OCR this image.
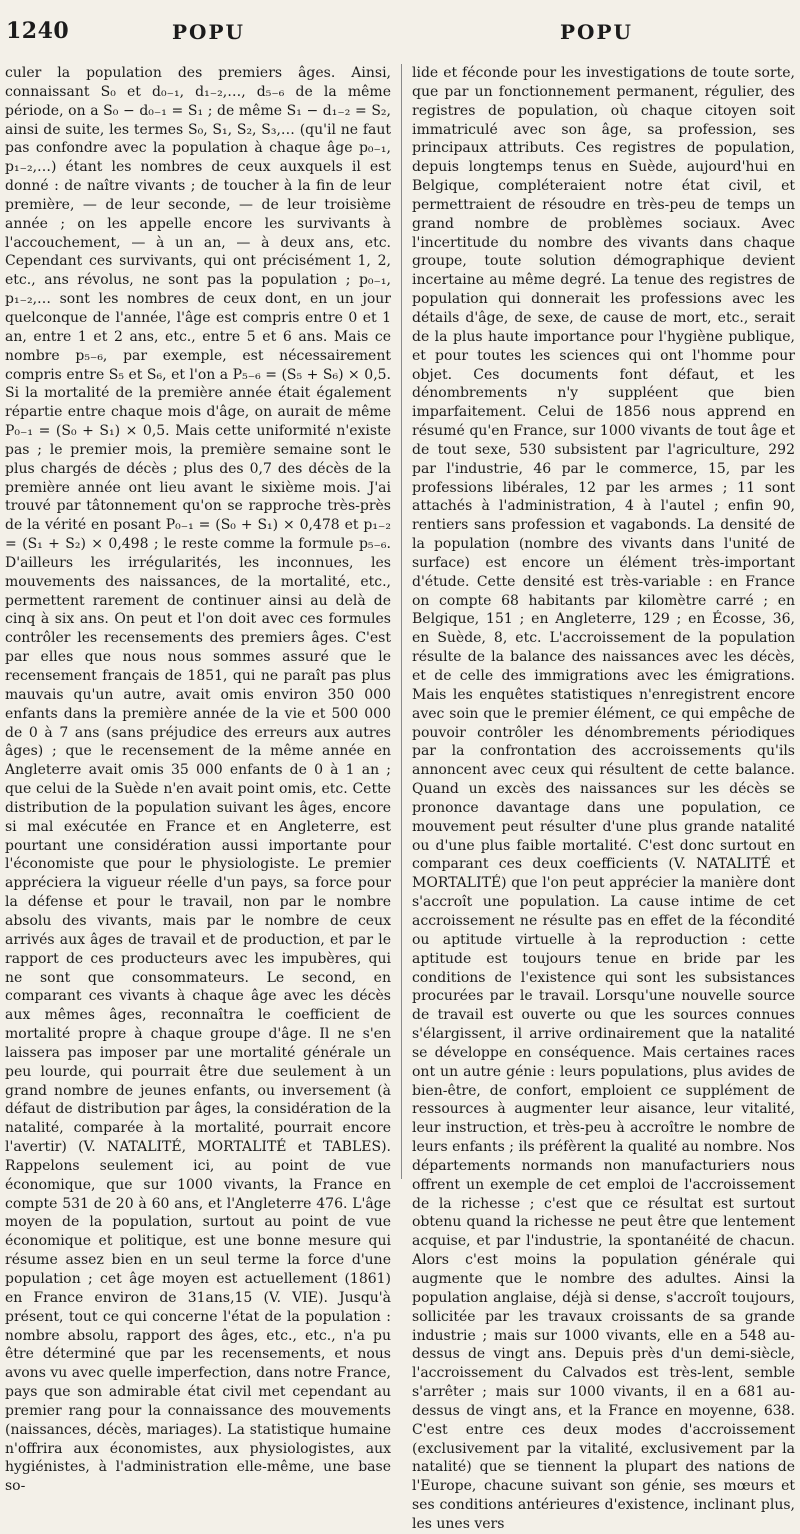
1240	POPU	POPU

culer la population des premiers âges. Ainsi, connaissant S₀ et d₀₋₁, d₁₋₂,…, d₅₋₆ de la même période, on a S₀ − d₀₋₁ = S₁ ; de même S₁ − d₁₋₂ = S₂, ainsi de suite, les termes S₀, S₁, S₂, S₃,… (qu'il ne faut pas confondre avec la population à chaque âge p₀₋₁, p₁₋₂,…) étant les nombres de ceux auxquels il est donné : de naître vivants ; de toucher à la fin de leur première, — de leur seconde, — de leur troisième année ; on les appelle encore les survivants à l'accouchement, — à un an, — à deux ans, etc. Cependant ces survivants, qui ont précisément 1, 2, etc., ans révolus, ne sont pas la population ; p₀₋₁, p₁₋₂,… sont les nombres de ceux dont, en un jour quelconque de l'année, l'âge est compris entre 0 et 1 an, entre 1 et 2 ans, etc., entre 5 et 6 ans. Mais ce nombre p₅₋₆, par exemple, est nécessairement compris entre S₅ et S₆, et l'on a P₅₋₆ = (S₅ + S₆) × 0,5. Si la mortalité de la première année était également répartie entre chaque mois d'âge, on aurait de même P₀₋₁ = (S₀ + S₁) × 0,5. Mais cette uniformité n'existe pas ; le premier mois, la première semaine sont le plus chargés de décès ; plus des 0,7 des décès de la première année ont lieu avant le sixième mois. J'ai trouvé par tâtonnement qu'on se rapproche très-près de la vérité en posant P₀₋₁ = (S₀ + S₁) × 0,478 et p₁₋₂ = (S₁ + S₂) × 0,498 ; le reste comme la formule p₅₋₆. D'ailleurs les irrégularités, les inconnues, les mouvements des naissances, de la mortalité, etc., permettent rarement de continuer ainsi au delà de cinq à six ans. On peut et l'on doit avec ces formules contrôler les recensements des premiers âges. C'est par elles que nous nous sommes assuré que le recensement français de 1851, qui ne paraît pas plus mauvais qu'un autre, avait omis environ 350 000 enfants dans la première année de la vie et 500 000 de 0 à 7 ans (sans préjudice des erreurs aux autres âges) ; que le recensement de la même année en Angleterre avait omis 35 000 enfants de 0 à 1 an ; que celui de la Suède n'en avait point omis, etc. Cette distribution de la population suivant les âges, encore si mal exécutée en France et en Angleterre, est pourtant une considération aussi importante pour l'économiste que pour le physiologiste. Le premier appréciera la vigueur réelle d'un pays, sa force pour la défense et pour le travail, non par le nombre absolu des vivants, mais par le nombre de ceux arrivés aux âges de travail et de production, et par le rapport de ces producteurs avec les impubères, qui ne sont que consommateurs. Le second, en comparant ces vivants à chaque âge avec les décès aux mêmes âges, reconnaîtra le coefficient de mortalité propre à chaque groupe d'âge. Il ne s'en laissera pas imposer par une mortalité générale un peu lourde, qui pourrait être due seulement à un grand nombre de jeunes enfants, ou inversement (à défaut de distribution par âges, la considération de la natalité, comparée à la mortalité, pourrait encore l'avertir) (V. NATALITÉ, MORTALITÉ et TABLES). Rappelons seulement ici, au point de vue économique, que sur 1000 vivants, la France en compte 531 de 20 à 60 ans, et l'Angleterre 476. L'âge moyen de la population, surtout au point de vue économique et politique, est une bonne mesure qui résume assez bien en un seul terme la force d'une population ; cet âge moyen est actuellement (1861) en France environ de 31ans,15 (V. VIE). Jusqu'à présent, tout ce qui concerne l'état de la population : nombre absolu, rapport des âges, etc., etc., n'a pu être déterminé que par les recensements, et nous avons vu avec quelle imperfection, dans notre France, pays que son admirable état civil met cependant au premier rang pour la connaissance des mouvements (naissances, décès, mariages). La statistique humaine n'offrira aux économistes, aux physiologistes, aux hygiénistes, à l'administration elle-même, une base so-

lide et féconde pour les investigations de toute sorte, que par un fonctionnement permanent, régulier, des registres de population, où chaque citoyen soit immatriculé avec son âge, sa profession, ses principaux attributs. Ces registres de population, depuis longtemps tenus en Suède, aujourd'hui en Belgique, compléteraient notre état civil, et permettraient de résoudre en très-peu de temps un grand nombre de problèmes sociaux. Avec l'incertitude du nombre des vivants dans chaque groupe, toute solution démographique devient incertaine au même degré. La tenue des registres de population qui donnerait les professions avec les détails d'âge, de sexe, de cause de mort, etc., serait de la plus haute importance pour l'hygiène publique, et pour toutes les sciences qui ont l'homme pour objet. Ces documents font défaut, et les dénombrements n'y suppléent que bien imparfaitement. Celui de 1856 nous apprend en résumé qu'en France, sur 1000 vivants de tout âge et de tout sexe, 530 subsistent par l'agriculture, 292 par l'industrie, 46 par le commerce, 15, par les professions libérales, 12 par les armes ; 11 sont attachés à l'administration, 4 à l'autel ; enfin 90, rentiers sans profession et vagabonds. La densité de la population (nombre des vivants dans l'unité de surface) est encore un élément très-important d'étude. Cette densité est très-variable : en France on compte 68 habitants par kilomètre carré ; en Belgique, 151 ; en Angleterre, 129 ; en Écosse, 36, en Suède, 8, etc. L'accroissement de la population résulte de la balance des naissances avec les décès, et de celle des immigrations avec les émigrations. Mais les enquêtes statistiques n'enregistrent encore avec soin que le premier élément, ce qui empêche de pouvoir contrôler les dénombrements périodiques par la confrontation des accroissements qu'ils annoncent avec ceux qui résultent de cette balance. Quand un excès des naissances sur les décès se prononce davantage dans une population, ce mouvement peut résulter d'une plus grande natalité ou d'une plus faible mortalité. C'est donc surtout en comparant ces deux coefficients (V. NATALITÉ et MORTALITÉ) que l'on peut apprécier la manière dont s'accroît une population. La cause intime de cet accroissement ne résulte pas en effet de la fécondité ou aptitude virtuelle à la reproduction : cette aptitude est toujours tenue en bride par les conditions de l'existence qui sont les subsistances procurées par le travail. Lorsqu'une nouvelle source de travail est ouverte ou que les sources connues s'élargissent, il arrive ordinairement que la natalité se développe en conséquence. Mais certaines races ont un autre génie : leurs populations, plus avides de bien-être, de confort, emploient ce supplément de ressources à augmenter leur aisance, leur vitalité, leur instruction, et très-peu à accroître le nombre de leurs enfants ; ils préfèrent la qualité au nombre. Nos départements normands non manufacturiers nous offrent un exemple de cet emploi de l'accroissement de la richesse ; c'est que ce résultat est surtout obtenu quand la richesse ne peut être que lentement acquise, et par l'industrie, la spontanéité de chacun. Alors c'est moins la population générale qui augmente que le nombre des adultes. Ainsi la population anglaise, déjà si dense, s'accroît toujours, sollicitée par les travaux croissants de sa grande industrie ; mais sur 1000 vivants, elle en a 548 au-dessus de vingt ans. Depuis près d'un demi-siècle, l'accroissement du Calvados est très-lent, semble s'arrêter ; mais sur 1000 vivants, il en a 681 au-dessus de vingt ans, et la France en moyenne, 638. C'est entre ces deux modes d'accroissement (exclusivement par la vitalité, exclusivement par la natalité) que se tiennent la plupart des nations de l'Europe, chacune suivant son génie, ses mœurs et ses conditions antérieures d'existence, inclinant plus, les unes vers
